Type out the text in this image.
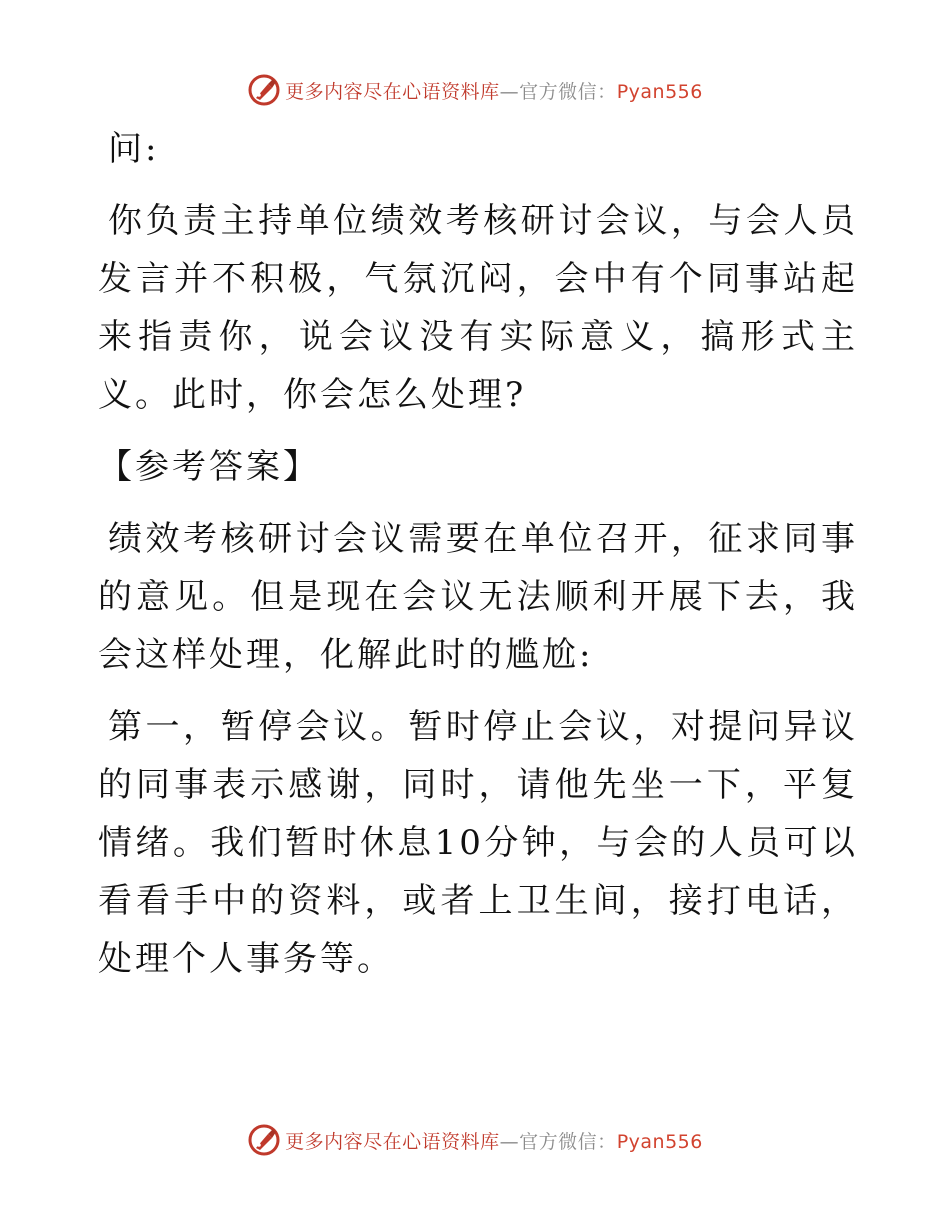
更多内容尽在心语资料库—官方微信：Pyan556

问:

你负责主持单位绩效考核研讨会议，与会人员发言并不积极，气氛沉闷，会中有个同事站起来指责你，说会议没有实际意义，搞形式主义。此时，你会怎么处理?

【参考答案】

绩效考核研讨会议需要在单位召开，征求同事的意见。但是现在会议无法顺利开展下去，我会这样处理，化解此时的尴尬:

第一，暂停会议。暂时停止会议，对提问异议的同事表示感谢，同时，请他先坐一下，平复情绪。我们暂时休息10分钟，与会的人员可以看看手中的资料，或者上卫生间，接打电话，处理个人事务等。

更多内容尽在心语资料库—官方微信：Pyan556
